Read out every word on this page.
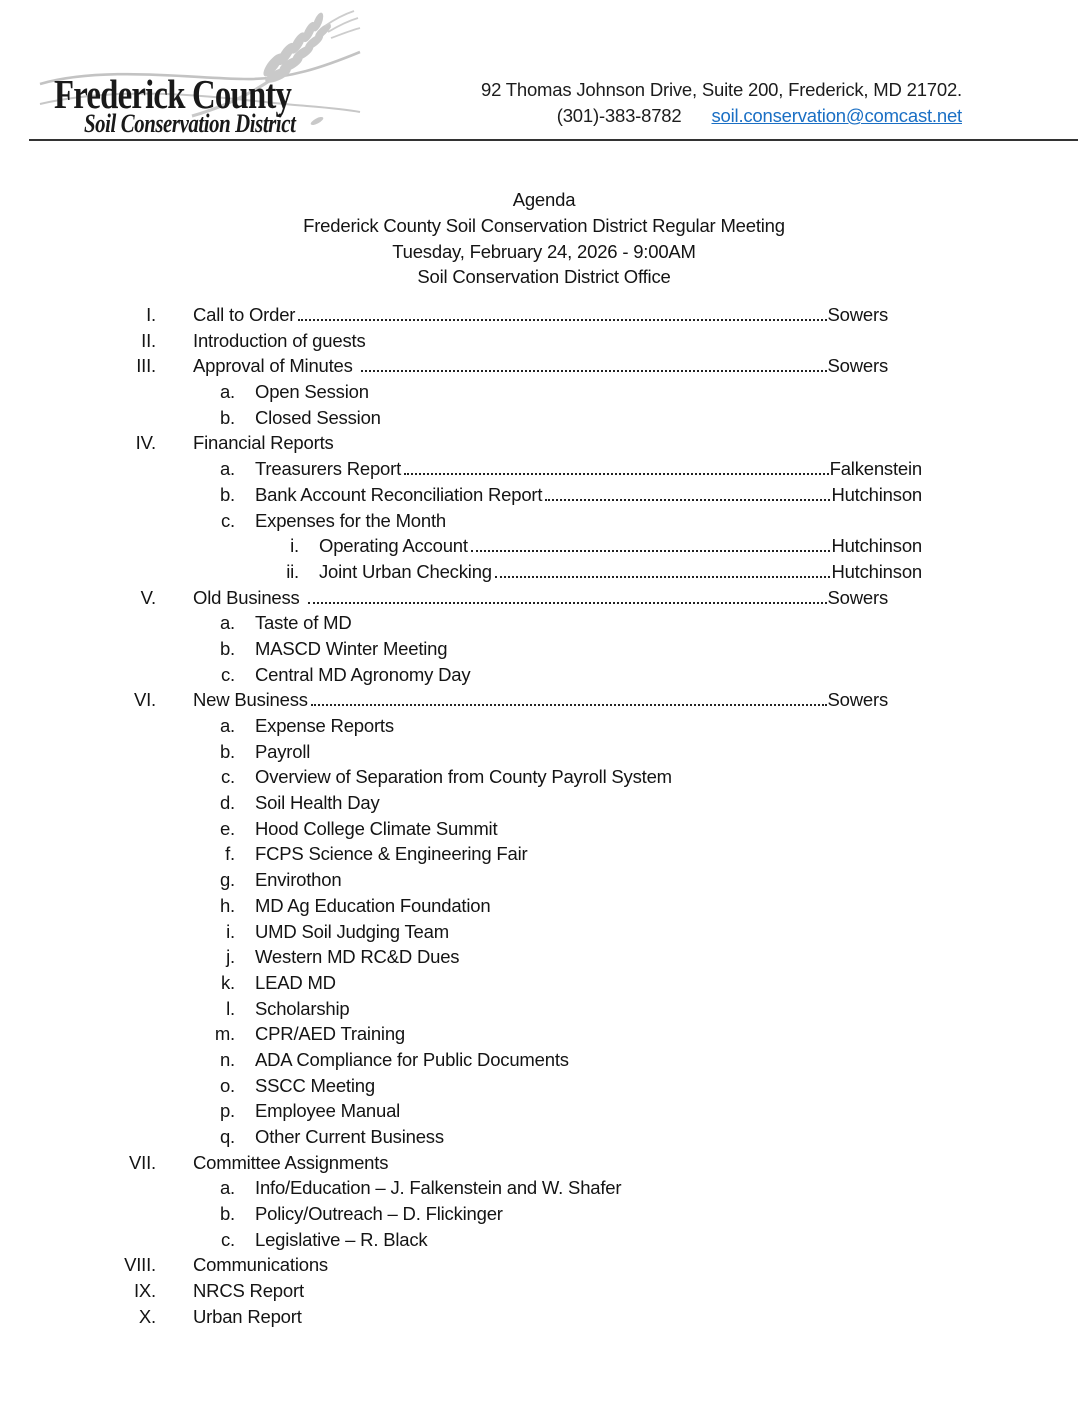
Frederick County
Soil Conservation District
92 Thomas Johnson Drive, Suite 200, Frederick, MD 21702.
(301)-383-8782 soil.conservation@comcast.net
Agenda
Frederick County Soil Conservation District Regular Meeting
Tuesday, February 24, 2026 - 9:00AM
Soil Conservation District Office
I. Call to Order	Sowers
II. Introduction of guests
III. Approval of Minutes	Sowers
a. Open Session
b. Closed Session
IV. Financial Reports
a. Treasurers Report	Falkenstein
b. Bank Account Reconciliation Report	Hutchinson
c. Expenses for the Month
i. Operating Account	Hutchinson
ii. Joint Urban Checking	Hutchinson
V. Old Business	Sowers
a. Taste of MD
b. MASCD Winter Meeting
c. Central MD Agronomy Day
VI. New Business	Sowers
a. Expense Reports
b. Payroll
c. Overview of Separation from County Payroll System
d. Soil Health Day
e. Hood College Climate Summit
f. FCPS Science & Engineering Fair
g. Envirothon
h. MD Ag Education Foundation
i. UMD Soil Judging Team
j. Western MD RC&D Dues
k. LEAD MD
l. Scholarship
m. CPR/AED Training
n. ADA Compliance for Public Documents
o. SSCC Meeting
p. Employee Manual
q. Other Current Business
VII. Committee Assignments
a. Info/Education – J. Falkenstein and W. Shafer
b. Policy/Outreach – D. Flickinger
c. Legislative – R. Black
VIII. Communications
IX. NRCS Report
X. Urban Report
